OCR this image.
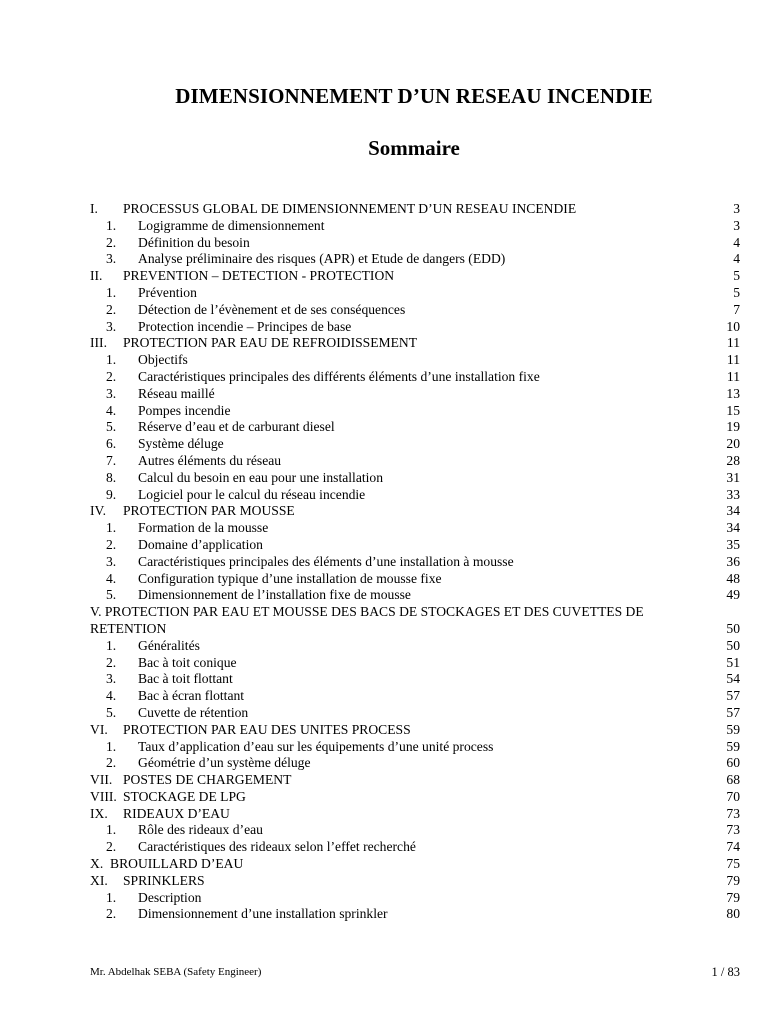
DIMENSIONNEMENT D’UN RESEAU INCENDIE
Sommaire
I. PROCESSUS GLOBAL DE DIMENSIONNEMENT D’UN RESEAU INCENDIE	3
1. Logigramme de dimensionnement	3
2. Définition du besoin	4
3. Analyse préliminaire des risques (APR) et Etude de dangers (EDD)	4
II. PREVENTION – DETECTION - PROTECTION	5
1. Prévention	5
2. Détection de l’évènement et de ses conséquences	7
3. Protection incendie – Principes de base	10
III. PROTECTION PAR EAU DE REFROIDISSEMENT	11
1. Objectifs	11
2. Caractéristiques principales des différents éléments d’une installation fixe	11
3. Réseau maillé	13
4. Pompes incendie	15
5. Réserve d’eau et de carburant diesel	19
6. Système déluge	20
7. Autres éléments du réseau	28
8. Calcul du besoin en eau pour une installation	31
9. Logiciel pour le calcul du réseau incendie	33
IV. PROTECTION PAR MOUSSE	34
1. Formation de la mousse	34
2. Domaine d’application	35
3. Caractéristiques principales des éléments d’une installation à mousse	36
4. Configuration typique d’une installation de mousse fixe	48
5. Dimensionnement de l’installation fixe de mousse	49
V. PROTECTION PAR EAU ET MOUSSE DES BACS DE STOCKAGES ET DES CUVETTES DE
RETENTION	50
1. Généralités	50
2. Bac à toit conique	51
3. Bac à toit flottant	54
4. Bac à écran flottant	57
5. Cuvette de rétention	57
VI. PROTECTION PAR EAU DES UNITES PROCESS	59
1. Taux d’application d’eau sur les équipements d’une unité process	59
2. Géométrie d’un système déluge	60
VII. POSTES DE CHARGEMENT	68
VIII. STOCKAGE DE LPG	70
IX. RIDEAUX D’EAU	73
1. Rôle des rideaux d’eau	73
2. Caractéristiques des rideaux selon l’effet recherché	74
X. BROUILLARD D’EAU	75
XI. SPRINKLERS	79
1. Description	79
2. Dimensionnement d’une installation sprinkler	80
Mr. Abdelhak SEBA (Safety Engineer)	1 / 83
